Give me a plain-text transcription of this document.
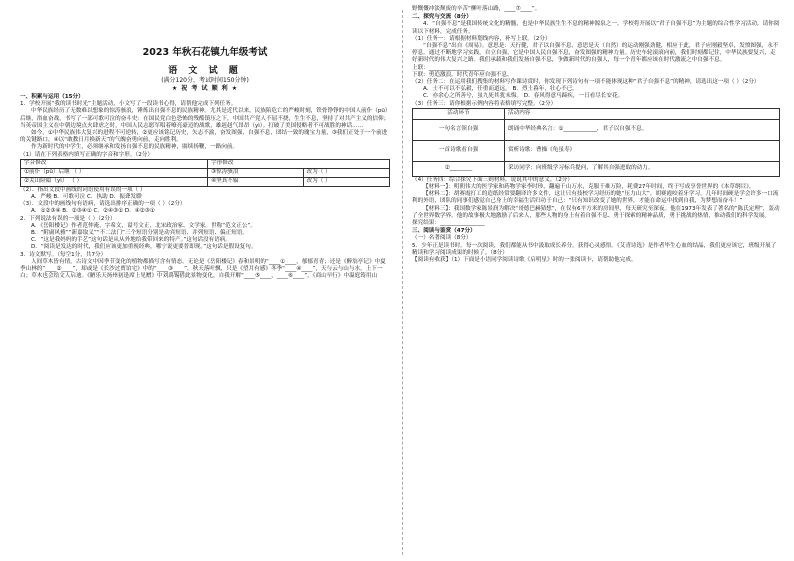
2023 年秋石花镇九年级考试
语 文 试 题
(满分120分，考试时间150分钟)
★ 祝 考 试 顺 利 ★

一、积累与运用（15分）

1．学校开展“我的读书时光”主题活动，小文写了一段读书心得，请帮他完成下列任务。

中华民族经历了无数难以想象的惊涛骇浪，锤炼出自强不息的民族精神。尤其是近代以来，民族陷危亡的严峻时刻，铁骨铮铮的中国人前仆（pū）后继，浴血奋战，书写了一部可歌可泣的奋斗史：在国民党白色恐怖的残酷镇压之下，中国共产党人不屈不挠，生生不息，坚持了对共产主义的信仰；当英帝国主义在中朝边境点火肆虐之时，中国人民志愿军唱着嘹亮豪迈的战歌，雄赳赳气昂昂（yì）。打破了美国侵略者不可战胜的神话……

如今，①中华民族伟大复兴的进程不可逆转，②更应该铭记历史，矢志不渝，奋发图强，自强不息，团结一致的瑰宝力量，③我们正处于一个前进的关键路口，④以“敢教日月换新天”的气魄奋勇向前，走向胜利。

作为新时代的中学生，必须继承和发扬自强不息的民族精神，赓续扬鞭，一路向前。

（1）请在下列表格内填写正确的字音和字形。（2分）

字音修改	字形修改	
①前仆（pū）后继 （ ）	③惊涛骇浪	改为（ ）
②关山险隘（yì） （ ）	④坚真不辐	改为（ ）

（2）．指出文段中画线的词语使用有误的一项（ ）

A．严峻 B．可歌可泣 C．执助 D．振聋发聩

（3）．文段中的画线句有语病，请选出排序正确的一项（ ）（2分）

A．①②③④ B．②③④① C．②④③① D．④②③①

2．下列说法有误的一项是（ ）（2分）

A．《岳阳楼记》作者范仲淹，字希文，谥号文正，北宋政治家、文学家。世称“范文正公”。

B．“附庸风雅”“新嘉取义”“不二法门”三个短语分别是动宾短语、并列短语、偏正短语。

C．“这是我妈妈的手艺”这句话是从从外地给我带回来的特产。”这句话没有语病。

D．“阅读是发达的时代，我们应该更加重视经典，哪宁说更要普即现。”这句话是假设复句。

3．诗文默写。（每空1分，共7分）

人间草木皆有情，古诗文中因季节变化的植物都描写含有情态。无论是《岳阳楼记》春和景明的“____①____，郁郁青青；还是《醉翁亭记》中夏季山林的“____②____”，却或是《长沙过贾谊宅》中的“____③____”，秋天落叶飘，只是《望月有感》冬季“____④____”，天与云与山与水，上下一白；草木也会给文人启迪。《陋乐天扬州初逢席上见赠》中刘禹锡借此景物变化，自我开解“____⑤____，____⑥____”，《商山早行》中温庭筠用山

野慨慨冲淡颓废的辛苦“柳叶落山路，____⑦____”。

二、探究与交流（8分）

4．“自强不息”是我国传统文化的精髓，也是中华民族生生不息的精神源泉之一。学校将开展以“君子自强不息”为主题的综合性学习活动，请你阅读以下材料，完成任务。

（1）任务一：请根据材料划线内容，补写上联。（2分）

“自强不息”出自《周易》。意思是：天行健，君子以自强不息，意思是天（自然）的运动刚强劲健，相应于此，君子应刚毅坚卓，发愤图强，永不停息。通过不断地学习实践，自立自强。它是中国人民自强不息，奋发图强的精神力量。历史车轮滚滚向前，我们时刻都记住，中华民族要复兴，走好新时代的伟大复兴之路。我们承载和我们发扬自强不息，争做新时代的自强人，每一个青年都应该在时代激流之中自强不息。

上联：____________________

下联：勇追激浪，时代青年应自强不息。

（2）任务二：在运用我们搜集的材料写作课诗赏时，你发现下列诗句有一项不能体现这种“君子自强不息”的精神，请选出这一项（ ）（2分）

A．士不可以不弘毅，任重而道远。 B．烈士暮年，壮心不已。

C．亦余心之所善兮，虽九死其犹未悔。 D．春风得意马蹄疾，一日看尽长安花。

（3）任务三：请你根据示例内容将表格填写完整。（2分）

活动环节	活动内容
一句名言领自强	朗诵中华经典名言：①____________，君子以自强不息。
一首诗歌看自强	赏析诗歌：曹操《龟虽寿》
②________	采访同学：向班级学习标兵提问，了解其自强进取的动力。

（4）任务四：综合探究下面三则材料，说说其中的意义。（2分）

【材料一】：明朝伟大的医学家和药物学家李时珍，翻遍千山万水，克服千难万险，耗费27年时间，终于写成享誉世界的《本草纲目》。

【材料二】：胡赛霞打工的造纸经常要翻译许多文件，这让只有技校学习经历的她“压力山大”。胡赛霞咬着牙学习，几年时间硬是学会许多一口流利的外语，团队的同事们感觉自己身上的幸福生活归功于自己：“只有知识改变了她的世界，才能在命运中找到自我，为梦想而奋斗！”

【材料三】：我国数学家陈景润为解决“哥德巴赫猜想”，在仅有6平方米的房间里，每天研究至深夜。他在1973年发表了著名的“陈氏定理”，轰动了全世界数学界。他的故事极大地激励了后来人，那些人物的身上有着自强不息、勇于探索的精神品质，勇于挑战的热情，推动我们的科学发展。

探究结果：________________

三、阅读与鉴赏（47分）

（一）名著阅读（8分）

5．少年正是读书时。每一次阅读，我们都能从书中汲取成长养分，获得心灵感悟。《艾青诗选》是作者毕生心血的结晶，我们更应该它，班级开展了精读和学习阅读成果的时候了。（8分）

【阅读有收获】（1）下面是小语同学阅读诗歌《启明星》时的一张阅读卡，请帮助他完成。
